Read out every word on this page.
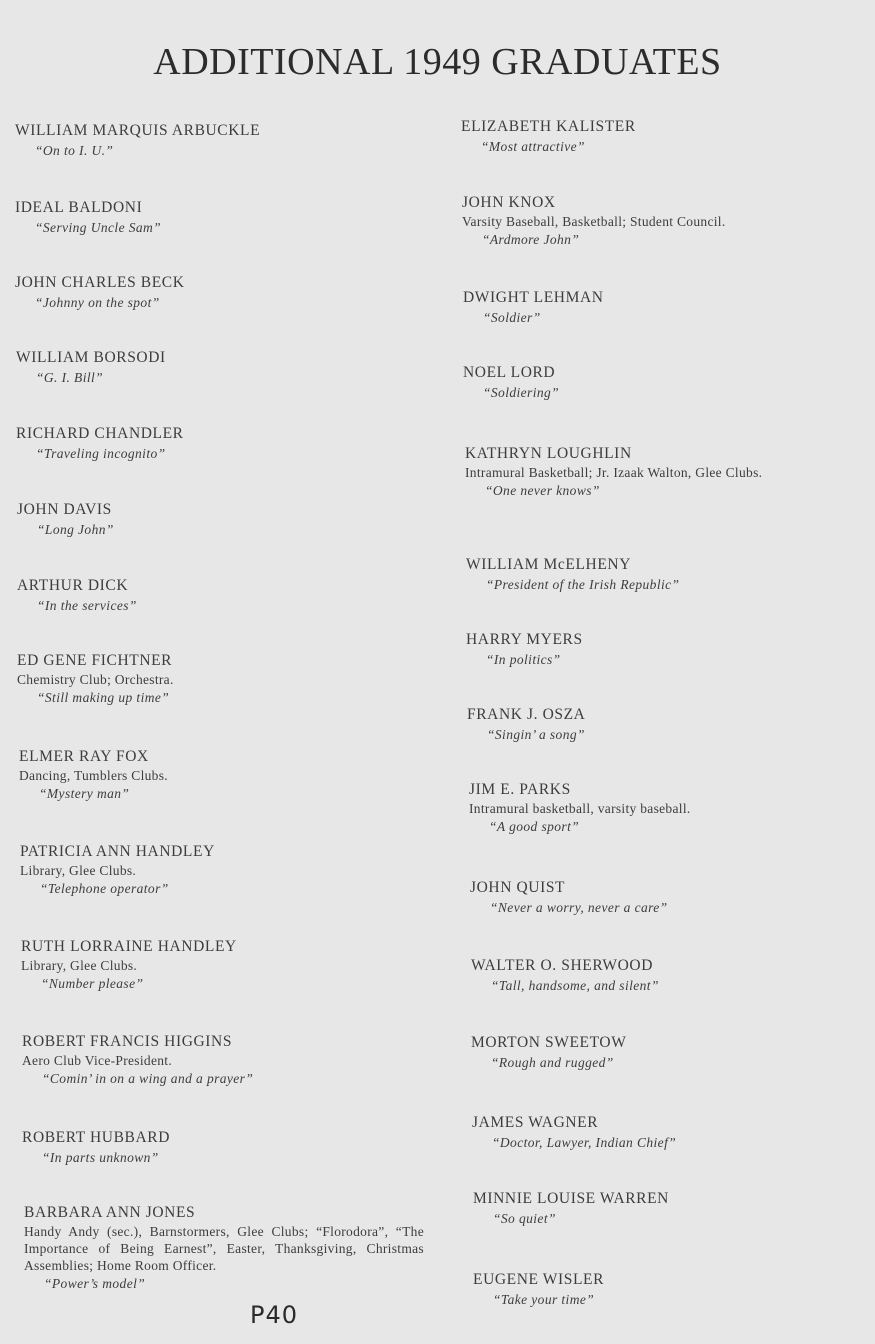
ADDITIONAL 1949 GRADUATES
WILLIAM MARQUIS ARBUCKLE
“On to I. U.”
IDEAL BALDONI
“Serving Uncle Sam”
JOHN CHARLES BECK
“Johnny on the spot”
WILLIAM BORSODI
“G. I. Bill”
RICHARD CHANDLER
“Traveling incognito”
JOHN DAVIS
“Long John”
ARTHUR DICK
“In the services”
ED GENE FICHTNER
Chemistry Club; Orchestra.
“Still making up time”
ELMER RAY FOX
Dancing, Tumblers Clubs.
“Mystery man”
PATRICIA ANN HANDLEY
Library, Glee Clubs.
“Telephone operator”
RUTH LORRAINE HANDLEY
Library, Glee Clubs.
“Number please”
ROBERT FRANCIS HIGGINS
Aero Club Vice-President.
“Comin’ in on a wing and a prayer”
ROBERT HUBBARD
“In parts unknown”
BARBARA ANN JONES
Handy Andy (sec.), Barnstormers, Glee Clubs; “Florodora”, “The Importance of Being Earnest”, Easter, Thanksgiving, Christmas Assemblies; Home Room Officer.
“Power’s model”
P40
ELIZABETH KALISTER
“Most attractive”
JOHN KNOX
Varsity Baseball, Basketball; Student Council.
“Ardmore John”
DWIGHT LEHMAN
“Soldier”
NOEL LORD
“Soldiering”
KATHRYN LOUGHLIN
Intramural Basketball; Jr. Izaak Walton, Glee Clubs.
“One never knows”
WILLIAM McELHENY
“President of the Irish Republic”
HARRY MYERS
“In politics”
FRANK J. OSZA
“Singin’ a song”
JIM E. PARKS
Intramural basketball, varsity baseball.
“A good sport”
JOHN QUIST
“Never a worry, never a care”
WALTER O. SHERWOOD
“Tall, handsome, and silent”
MORTON SWEETOW
“Rough and rugged”
JAMES WAGNER
“Doctor, Lawyer, Indian Chief”
MINNIE LOUISE WARREN
“So quiet”
EUGENE WISLER
“Take your time”
